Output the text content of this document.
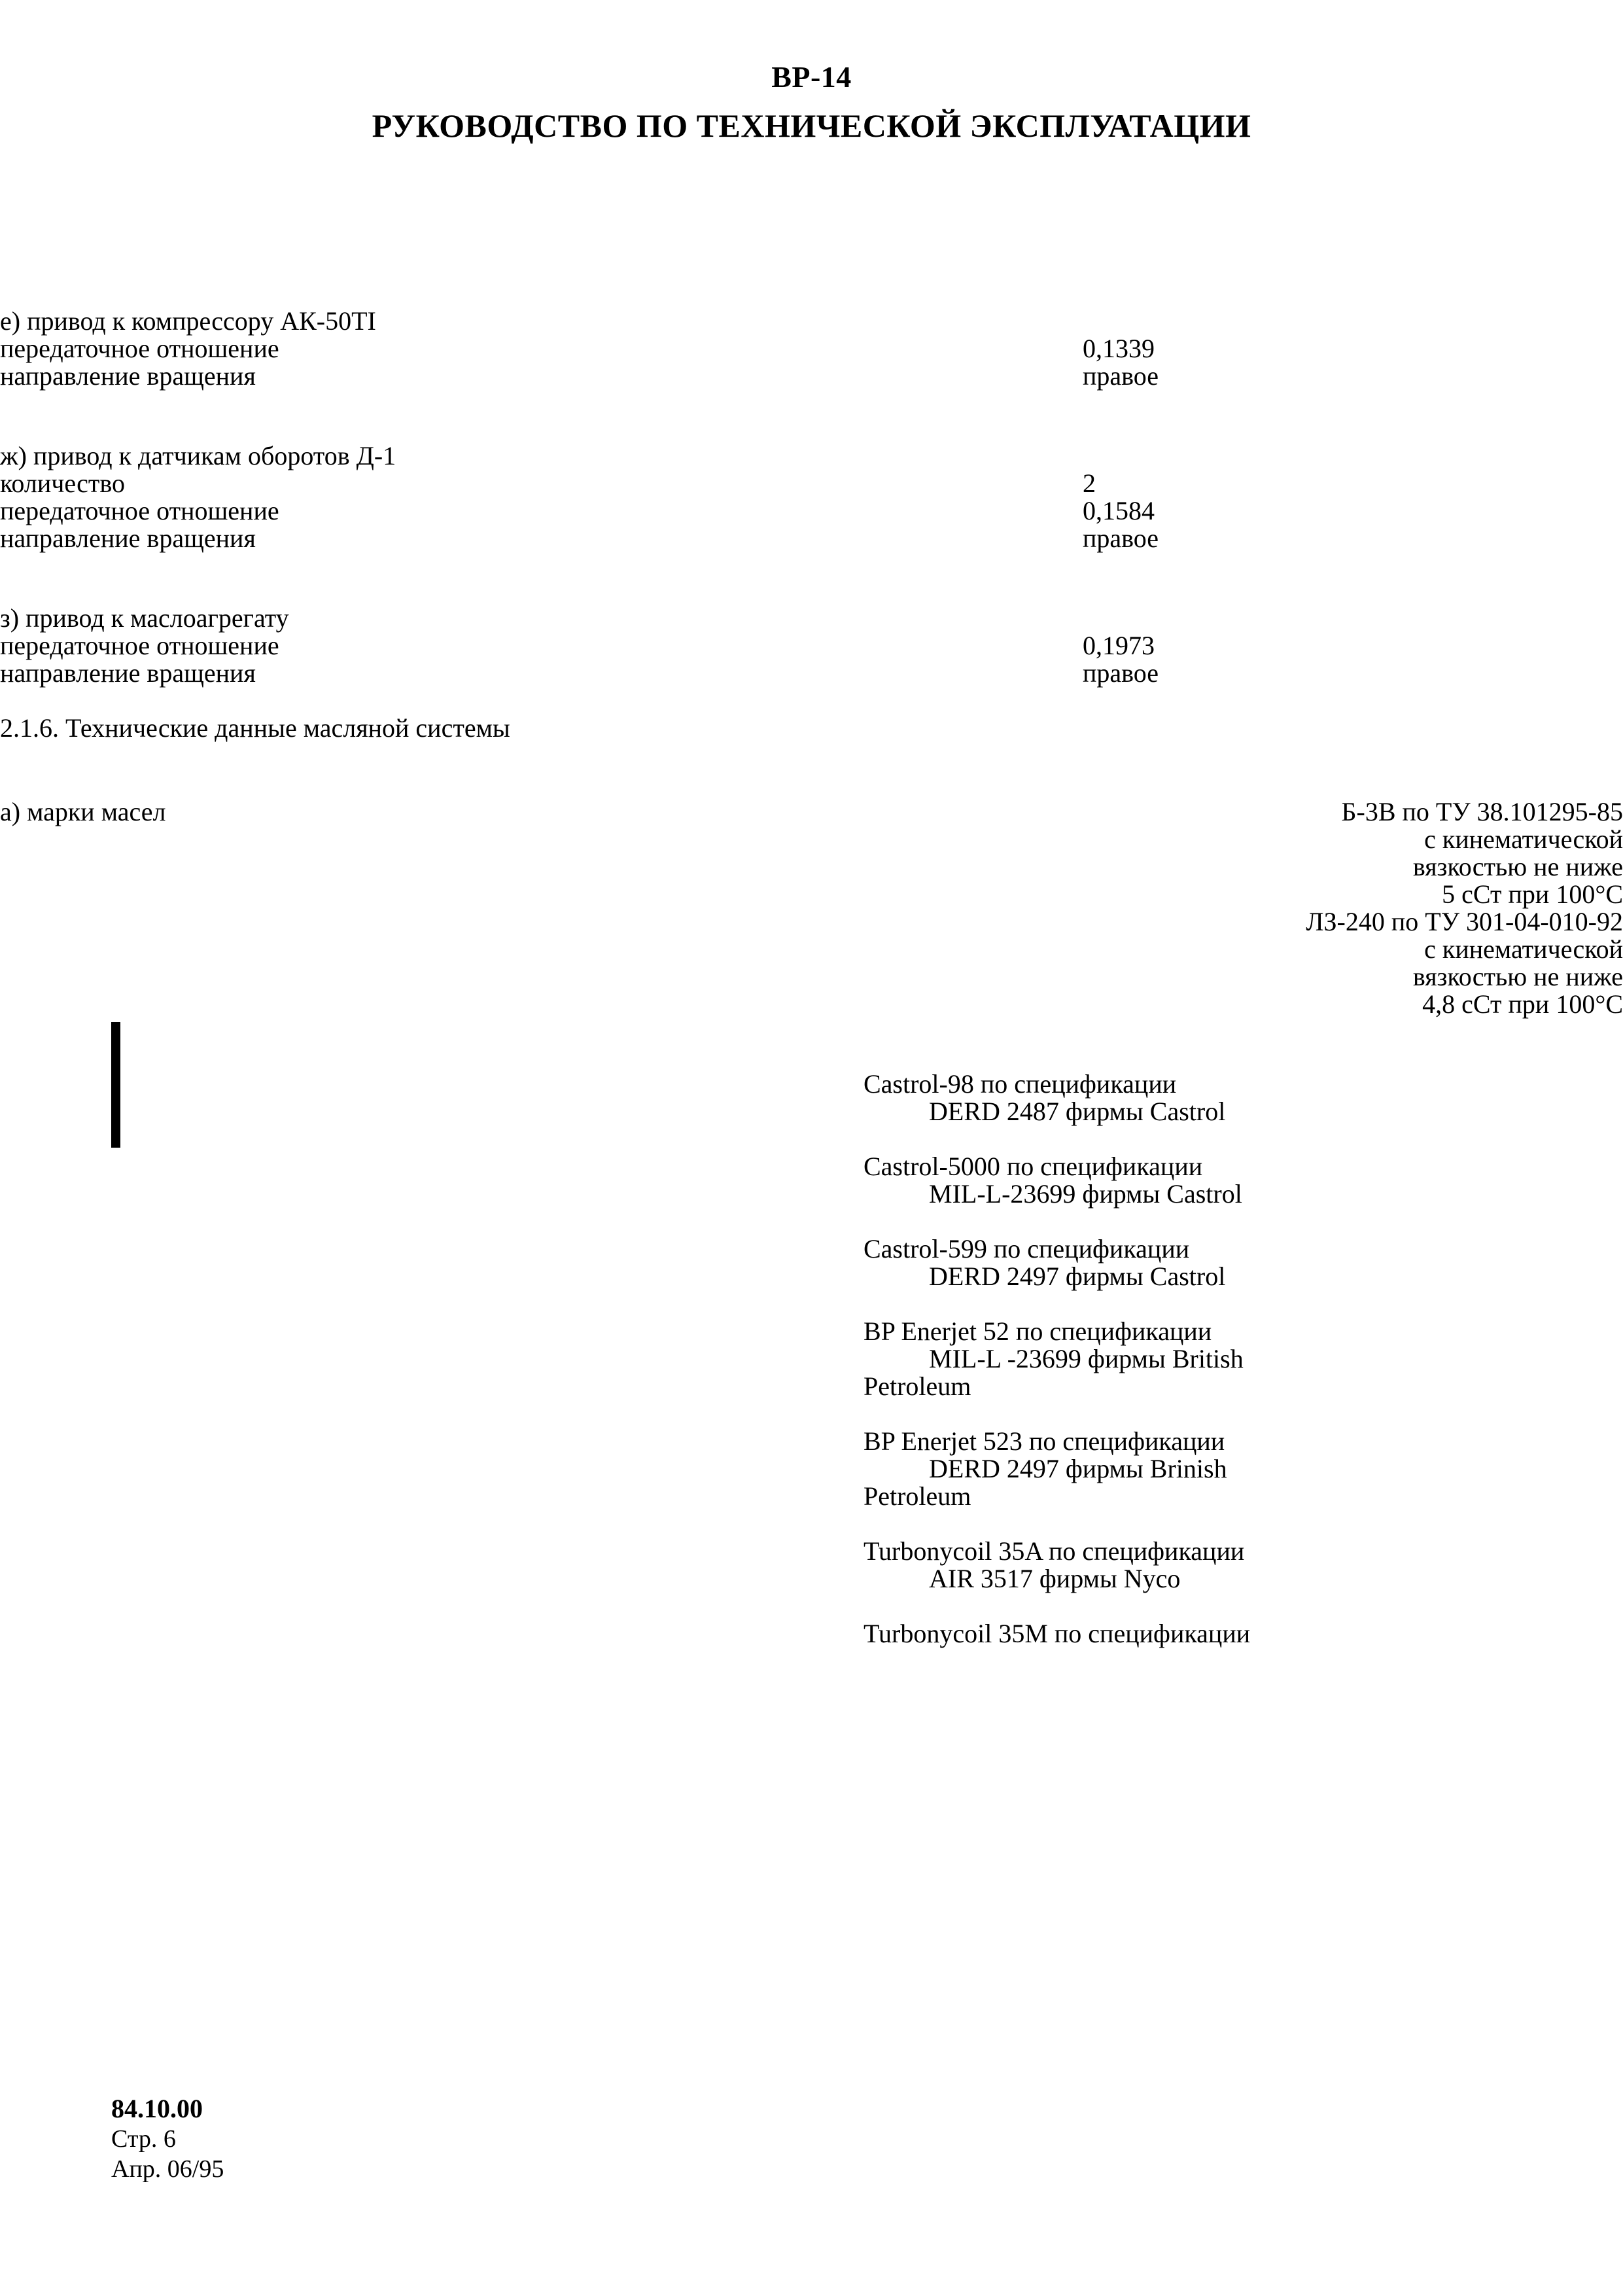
ВР-14
РУКОВОДСТВО ПО ТЕХНИЧЕСКОЙ ЭКСПЛУАТАЦИИ
е) привод к компрессору АК-50ТI
передаточное отношение	0,1339
направление вращения	правое
ж) привод к датчикам оборотов Д-1
количество	2
передаточное отношение	0,1584
направление вращения	правое
з) привод к маслоагрегату
передаточное отношение	0,1973
направление вращения	правое
2.1.6. Технические данные масляной системы
а) марки масел	Б-3В по ТУ 38.101295-85
с кинематической
вязкостью не ниже
5 сСт при 100°С
ЛЗ-240 по ТУ 301-04-010-92
с кинематической
вязкостью не ниже
4,8 сСт при 100°С
Castrol-98 по спецификации
DERD 2487 фирмы Castrol
Castrol-5000 по спецификации
MIL-L-23699 фирмы Castrol
Castrol-599 по спецификации
DERD 2497 фирмы Castrol
BP Enerjet 52 по спецификации
MIL-L -23699 фирмы British
Petroleum
BP Enerjet 523 по спецификации
DERD 2497 фирмы Brinish
Petroleum
Turbonycoil 35A по спецификации
AIR 3517 фирмы Nyco
Turbonycoil 35M по спецификации
84.10.00
Стр. 6
Апр. 06/95
